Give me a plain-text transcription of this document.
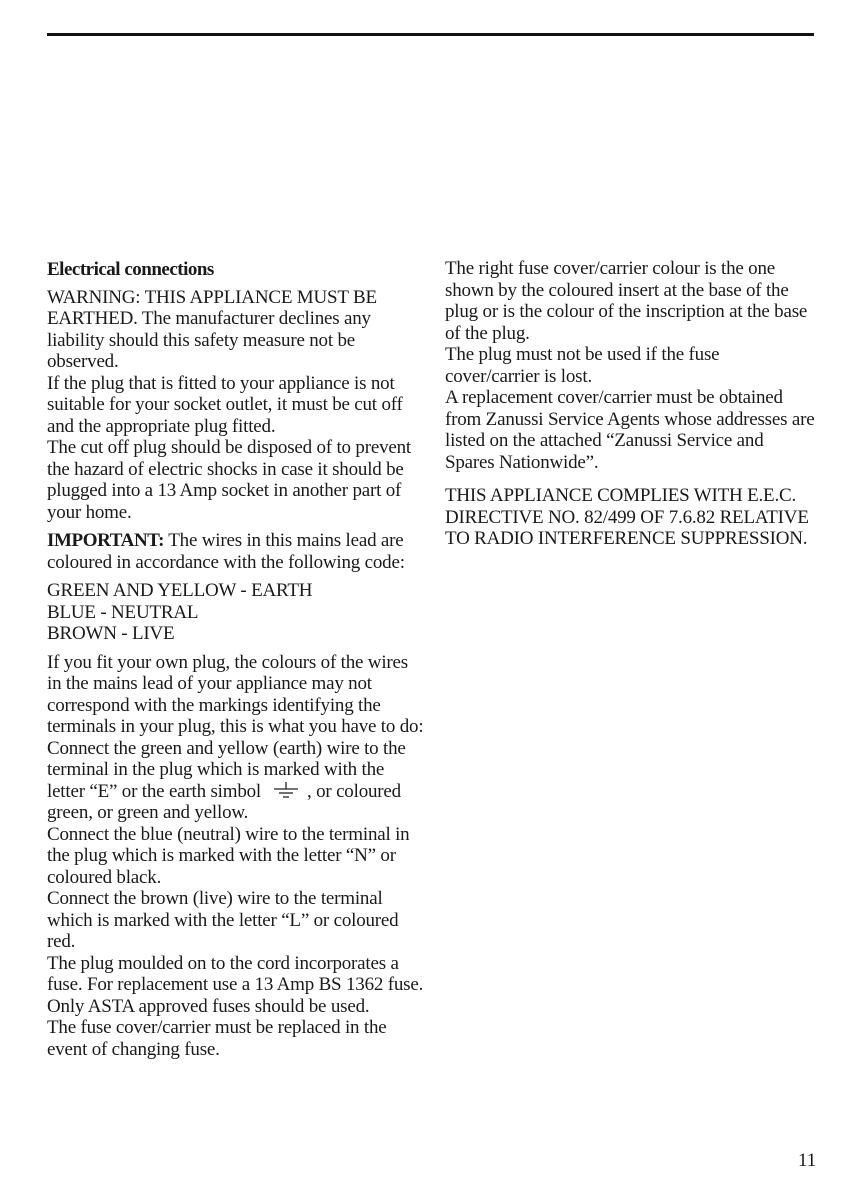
Electrical connections

WARNING: THIS APPLIANCE MUST BE EARTHED. The manufacturer declines any liability should this safety measure not be observed.

If the plug that is fitted to your appliance is not suitable for your socket outlet, it must be cut off and the appropriate plug fitted.

The cut off plug should be disposed of to prevent the hazard of electric shocks in case it should be plugged into a 13 Amp socket in another part of your home.

IMPORTANT: The wires in this mains lead are coloured in accordance with the following code:

GREEN AND YELLOW - EARTH
BLUE - NEUTRAL
BROWN - LIVE

If you fit your own plug, the colours of the wires in the mains lead of your appliance may not correspond with the markings identifying the terminals in your plug, this is what you have to do:

Connect the green and yellow (earth) wire to the terminal in the plug which is marked with the letter “E” or the earth simbol , or coloured green, or green and yellow.

Connect the blue (neutral) wire to the terminal in the plug which is marked with the letter “N” or coloured black.

Connect the brown (live) wire to the terminal which is marked with the letter “L” or coloured red.

The plug moulded on to the cord incorporates a fuse. For replacement use a 13 Amp BS 1362 fuse. Only ASTA approved fuses should be used.

The fuse cover/carrier must be replaced in the event of changing fuse.

The right fuse cover/carrier colour is the one shown by the coloured insert at the base of the plug or is the colour of the inscription at the base of the plug.

The plug must not be used if the fuse cover/carrier is lost.

A replacement cover/carrier must be obtained from Zanussi Service Agents whose addresses are listed on the attached “Zanussi Service and Spares Nationwide”.

THIS APPLIANCE COMPLIES WITH E.E.C. DIRECTIVE NO. 82/499 OF 7.6.82 RELATIVE TO RADIO INTERFERENCE SUPPRESSION.

11
